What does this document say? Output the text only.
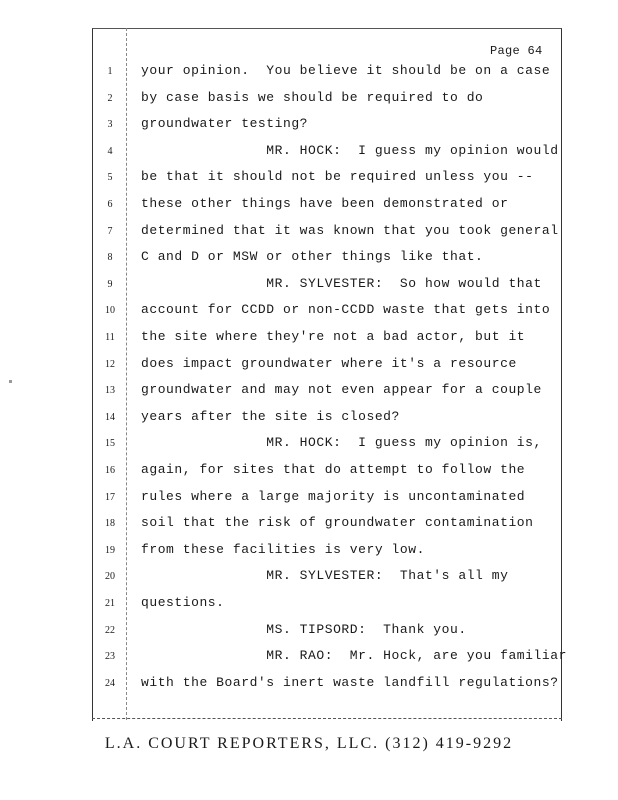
Page 64
1	your opinion.  You believe it should be on a case
2	by case basis we should be required to do
3	groundwater testing?
4	MR. HOCK:  I guess my opinion would
5	be that it should not be required unless you --
6	these other things have been demonstrated or
7	determined that it was known that you took general
8	C and D or MSW or other things like that.
9	MR. SYLVESTER:  So how would that
10	account for CCDD or non-CCDD waste that gets into
11	the site where they're not a bad actor, but it
12	does impact groundwater where it's a resource
13	groundwater and may not even appear for a couple
14	years after the site is closed?
15	MR. HOCK:  I guess my opinion is,
16	again, for sites that do attempt to follow the
17	rules where a large majority is uncontaminated
18	soil that the risk of groundwater contamination
19	from these facilities is very low.
20	MR. SYLVESTER:  That's all my
21	questions.
22	MS. TIPSORD:  Thank you.
23	MR. RAO:  Mr. Hock, are you familiar
24	with the Board's inert waste landfill regulations?
L.A. COURT REPORTERS, LLC. (312) 419-9292
